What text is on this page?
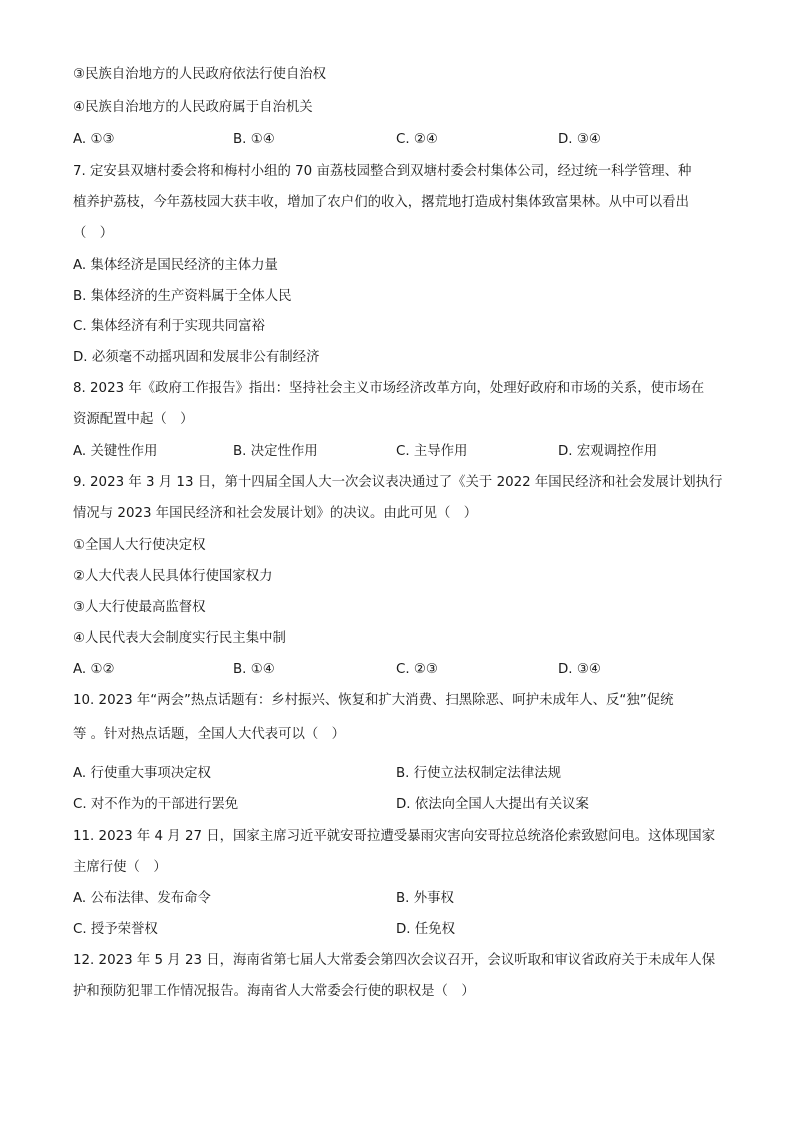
③民族自治地方的人民政府依法行使自治权
④民族自治地方的人民政府属于自治机关
A. ①③	B. ①④	C. ②④	D. ③④
7. 定安县双塘村委会将和梅村小组的 70 亩荔枝园整合到双塘村委会村集体公司，经过统一科学管理、种
植养护荔枝，今年荔枝园大获丰收，增加了农户们的收入，撂荒地打造成村集体致富果林。从中可以看出
（　）
A. 集体经济是国民经济的主体力量
B. 集体经济的生产资料属于全体人民
C. 集体经济有利于实现共同富裕
D. 必须毫不动摇巩固和发展非公有制经济
8. 2023 年《政府工作报告》指出：坚持社会主义市场经济改革方向，处理好政府和市场的关系，使市场在
资源配置中起（　）
A. 关键性作用	B. 决定性作用	C. 主导作用	D. 宏观调控作用
9. 2023 年 3 月 13 日，第十四届全国人大一次会议表决通过了《关于 2022 年国民经济和社会发展计划执行
情况与 2023 年国民经济和社会发展计划》的决议。由此可见（　）
①全国人大行使决定权
②人大代表人民具体行使国家权力
③人大行使最高监督权
④人民代表大会制度实行民主集中制
A. ①②	B. ①④	C. ②③	D. ③④
10. 2023 年“两会”热点话题有：乡村振兴、恢复和扩大消费、扫黑除恶、呵护未成年人、反“独”促统
等 。针对热点话题，全国人大代表可以（　）
A. 行使重大事项决定权	B. 行使立法权制定法律法规
C. 对不作为的干部进行罢免	D. 依法向全国人大提出有关议案
11. 2023 年 4 月 27 日，国家主席习近平就安哥拉遭受暴雨灾害向安哥拉总统洛伦索致慰问电。这体现国家
主席行使（　）
A. 公布法律、发布命令	B. 外事权
C. 授予荣誉权	D. 任免权
12. 2023 年 5 月 23 日，海南省第七届人大常委会第四次会议召开，会议听取和审议省政府关于未成年人保
护和预防犯罪工作情况报告。海南省人大常委会行使的职权是（　）
